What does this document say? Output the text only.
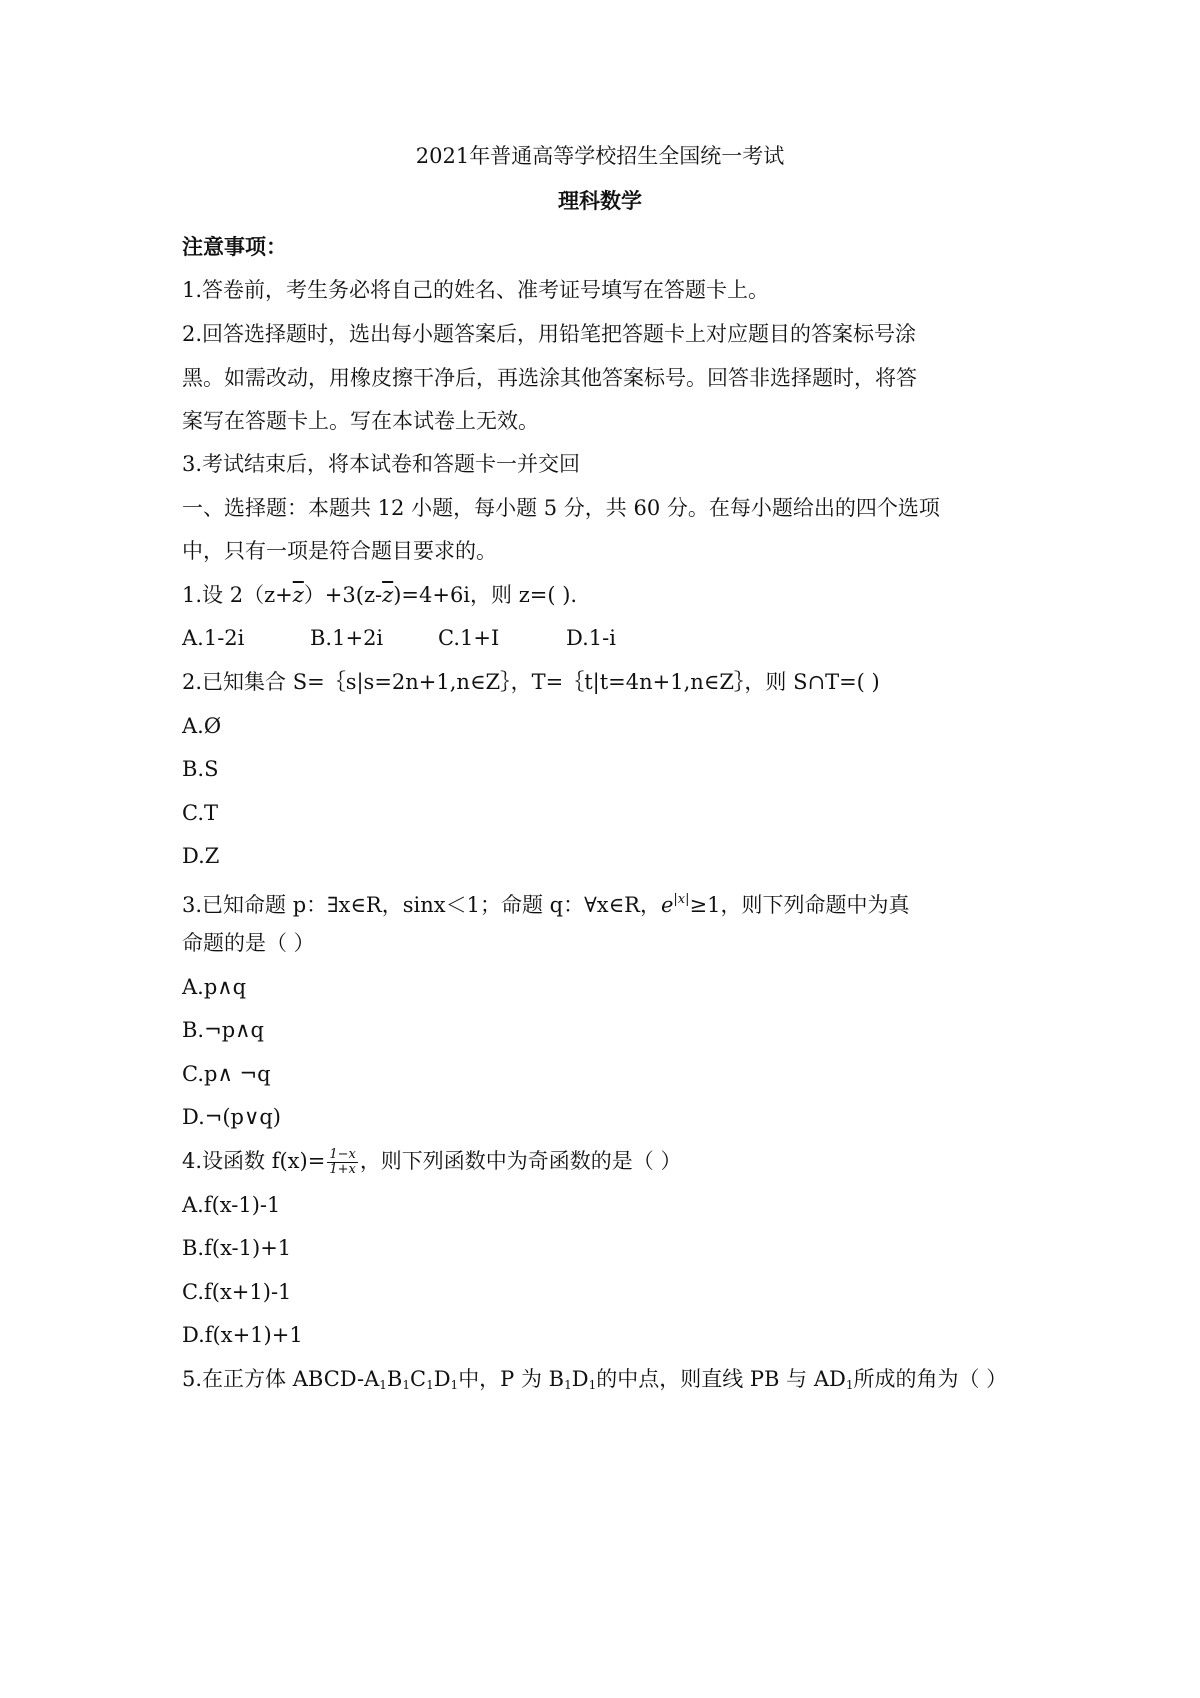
2021年普通高等学校招生全国统一考试
理科数学
注意事项：
1.答卷前，考生务必将自己的姓名、准考证号填写在答题卡上。
2.回答选择题时，选出每小题答案后，用铅笔把答题卡上对应题目的答案标号涂
黑。如需改动，用橡皮擦干净后，再选涂其他答案标号。回答非选择题时，将答
案写在答题卡上。写在本试卷上无效。
3.考试结束后，将本试卷和答题卡一并交回
一、选择题：本题共 12 小题，每小题 5 分，共 60 分。在每小题给出的四个选项
中，只有一项是符合题目要求的。
1.设 $2(z+\overline{z})+3(z-\overline{z})=4+6i$，则 z=( ).
A.1-2i	B.1+2i	C.1+I	D.1-i
2.已知集合 S=｛s|s=2n+1,n∈Z｝，T=｛t|t=4n+1,n∈Z｝，则 S∩T=( )
A.Ø
B.S
C.T
D.Z
3.已知命题 p：∃x∈R，sinx＜1；命题 q：∀x∈R，$e^{|x|}\ge 1$，则下列命题中为真
命题的是（ ）
A.p∧q
B.¬p∧q
C.p∧ ¬q
D.¬(p∨q)
4.设函数 $f(x)= \frac{1-x}{1+x}$ ，则下列函数中为奇函数的是（ ）
A.f(x-1)-1
B.f(x-1)+1
C.f(x+1)-1
D.f(x+1)+1
5.在正方体 ABCD-$A_1B_1C_1D_1$中，P 为 $B_1D_1$的中点，则直线 PB 与 $AD_1$所成的角为（ ）
